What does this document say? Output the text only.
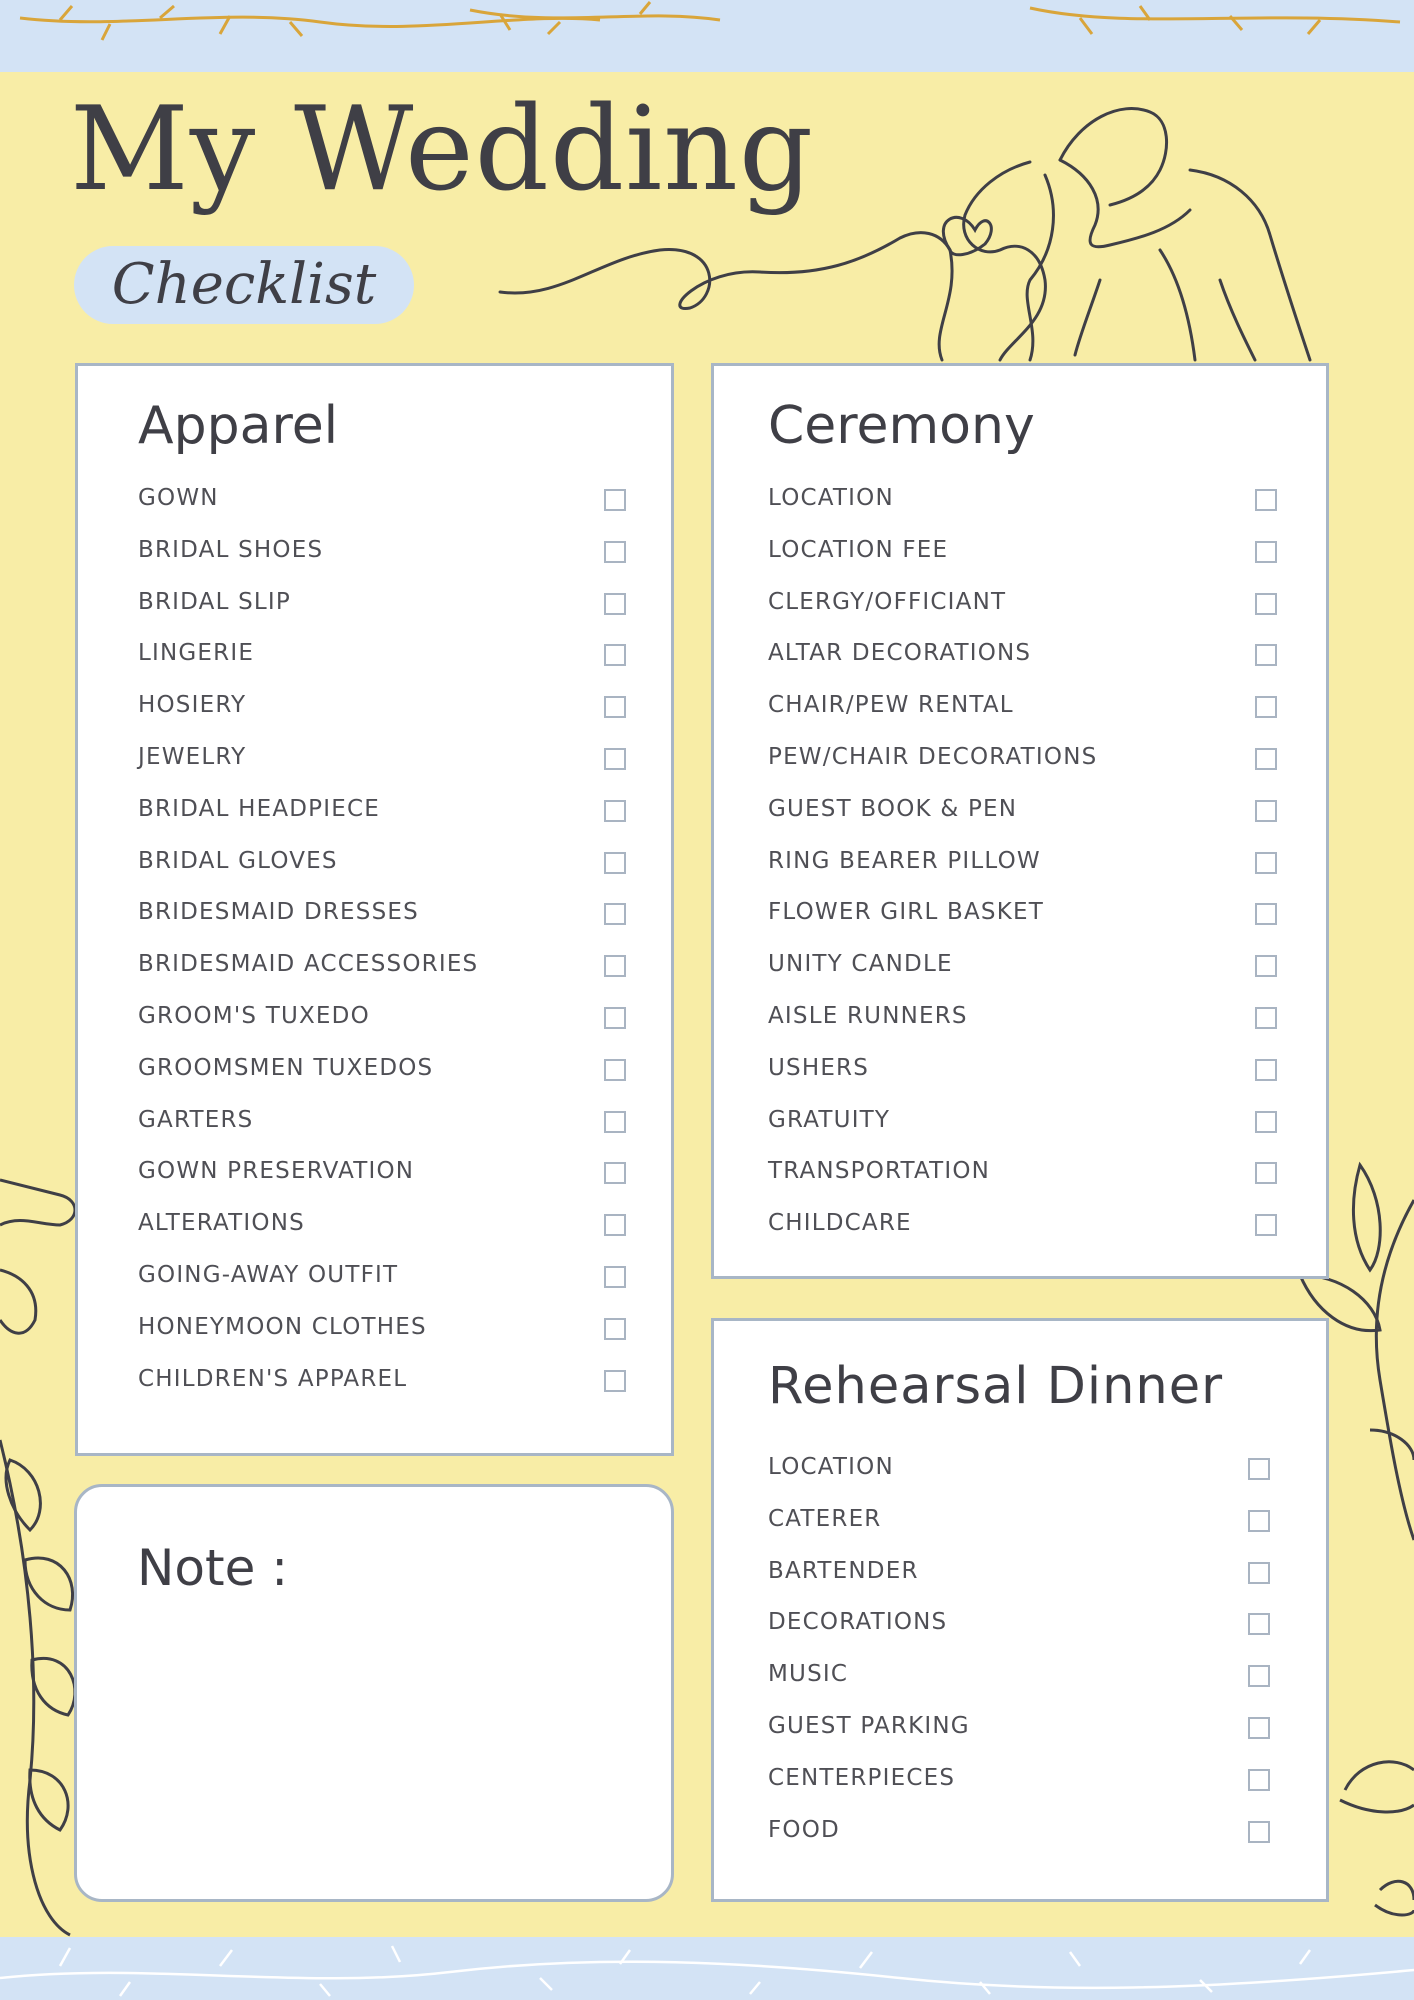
My Wedding
Checklist
Apparel
GOWN
BRIDAL SHOES
BRIDAL SLIP
LINGERIE
HOSIERY
JEWELRY
BRIDAL HEADPIECE
BRIDAL GLOVES
BRIDESMAID DRESSES
BRIDESMAID ACCESSORIES
GROOM'S TUXEDO
GROOMSMEN TUXEDOS
GARTERS
GOWN PRESERVATION
ALTERATIONS
GOING-AWAY OUTFIT
HONEYMOON CLOTHES
CHILDREN'S APPAREL
Ceremony
LOCATION
LOCATION FEE
CLERGY/OFFICIANT
ALTAR DECORATIONS
CHAIR/PEW RENTAL
PEW/CHAIR DECORATIONS
GUEST BOOK & PEN
RING BEARER PILLOW
FLOWER GIRL BASKET
UNITY CANDLE
AISLE RUNNERS
USHERS
GRATUITY
TRANSPORTATION
CHILDCARE
Rehearsal Dinner
LOCATION
CATERER
BARTENDER
DECORATIONS
MUSIC
GUEST PARKING
CENTERPIECES
FOOD
Note :
